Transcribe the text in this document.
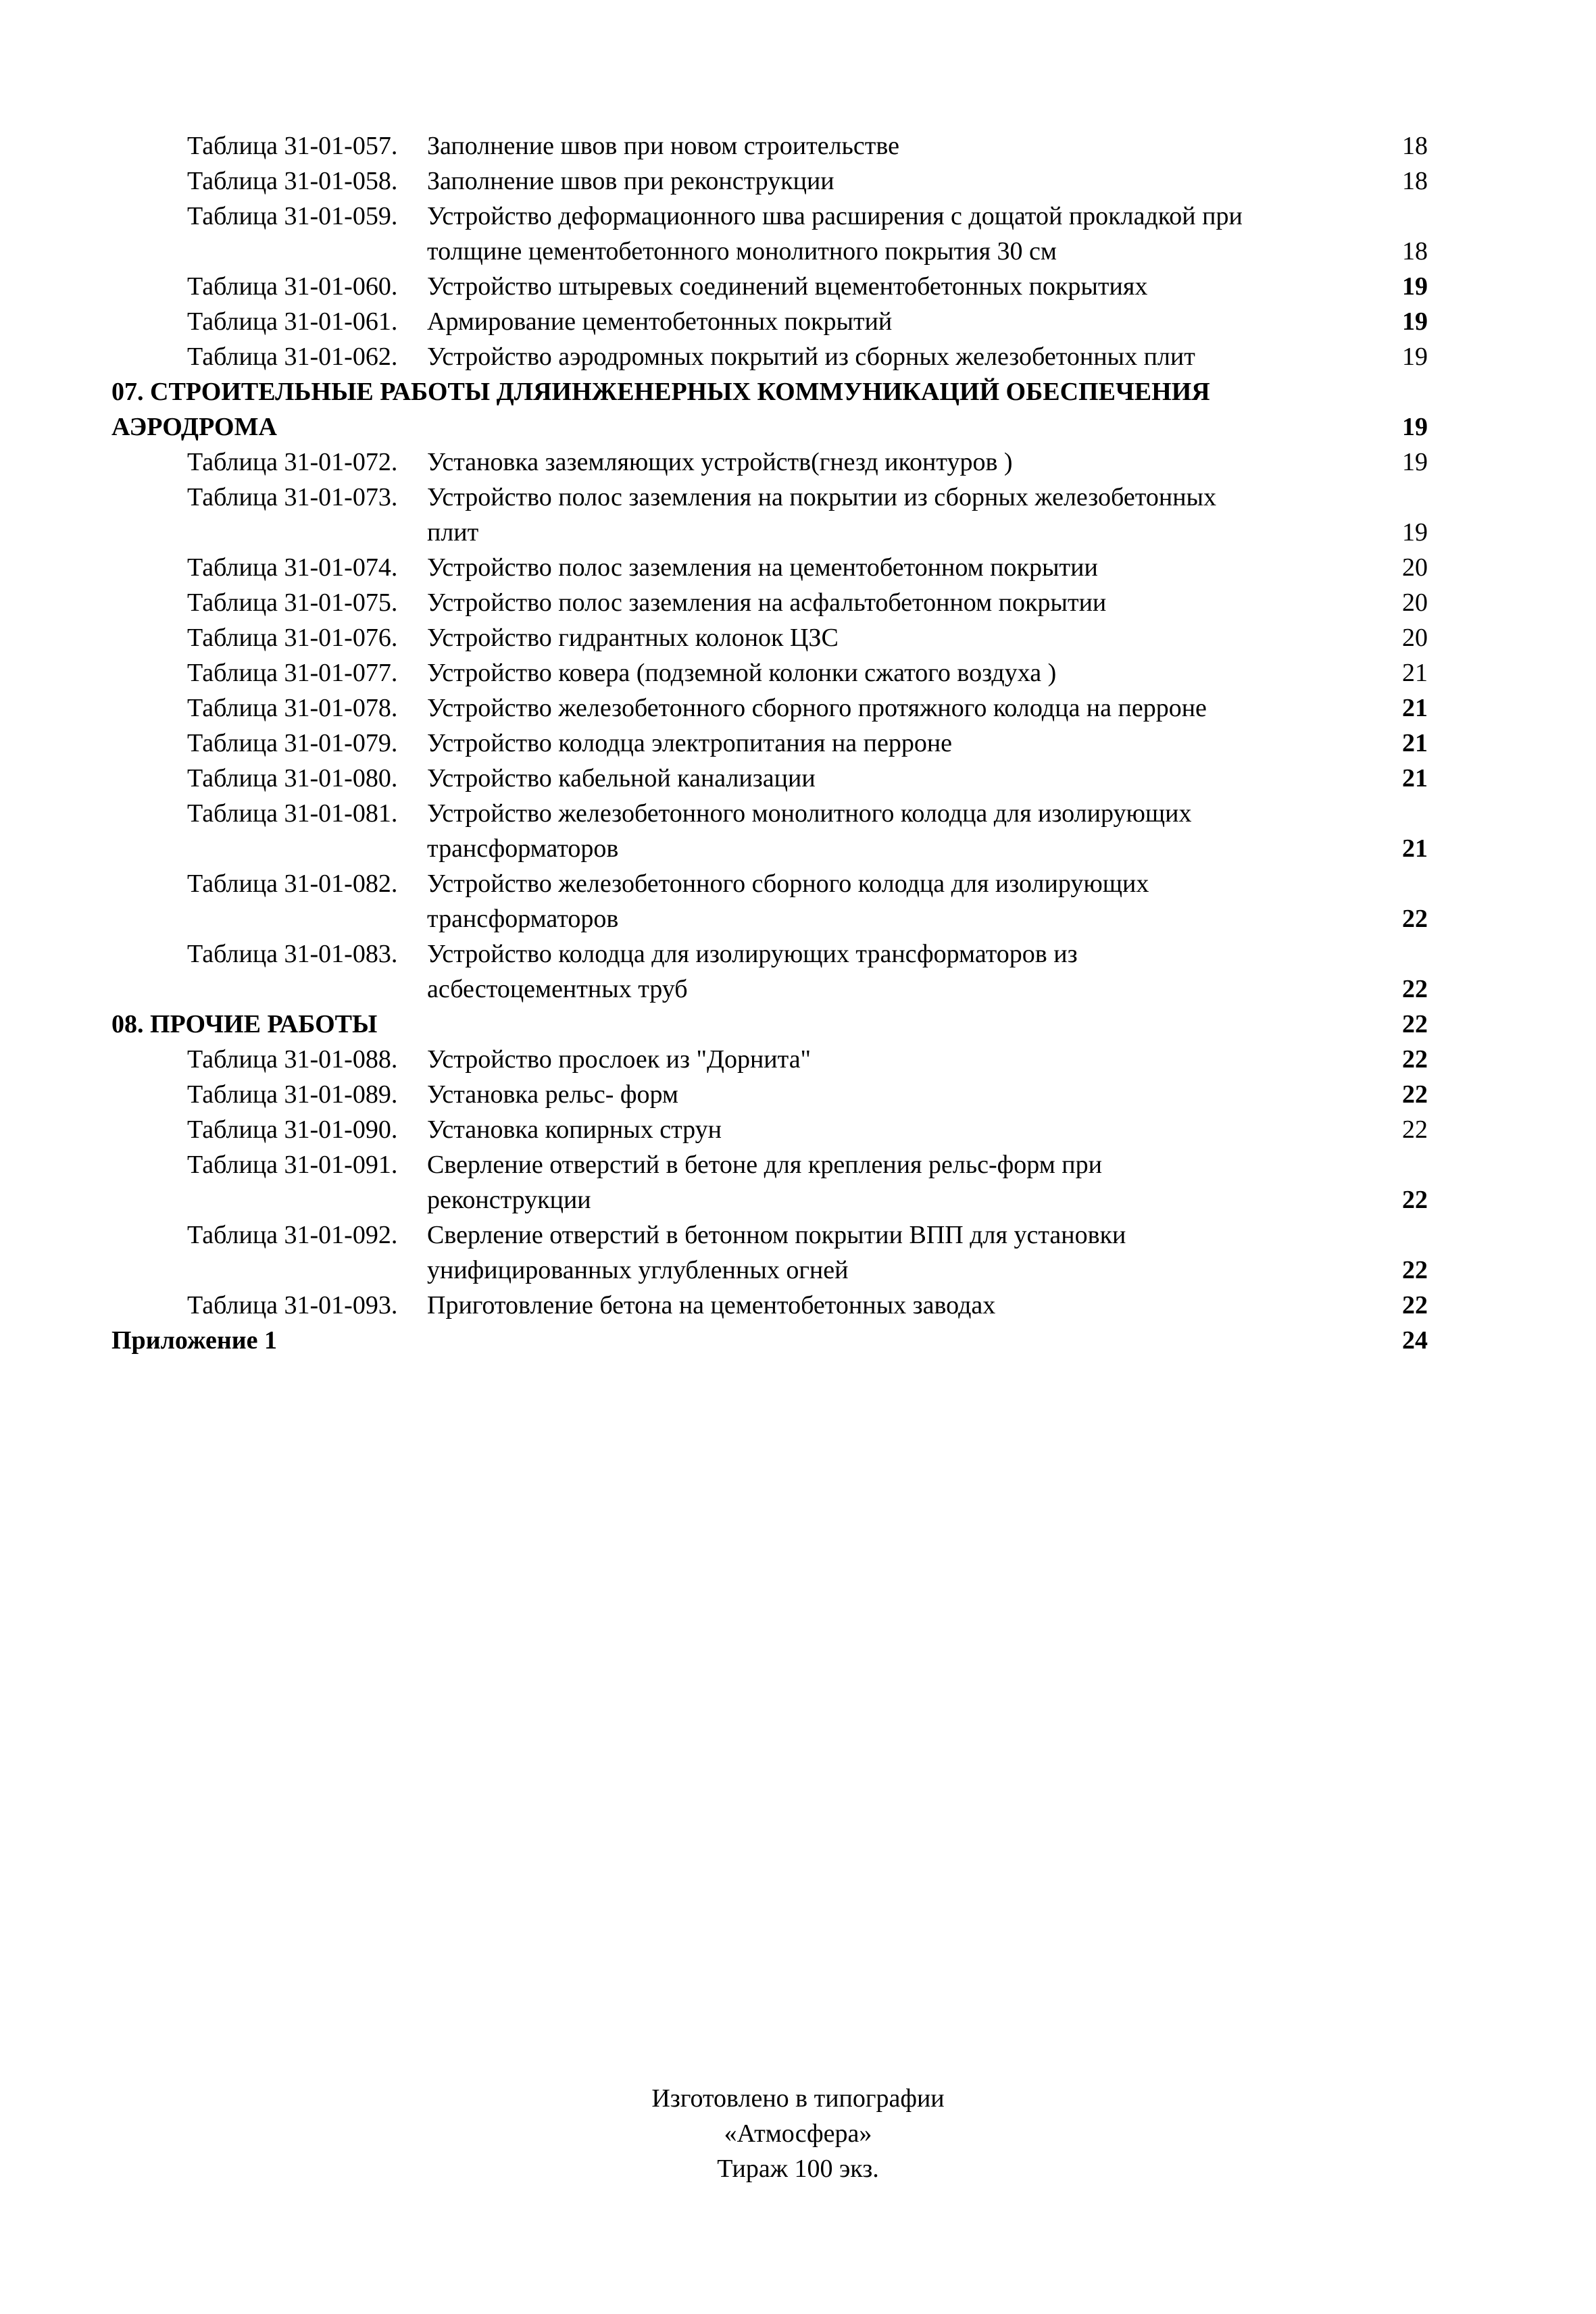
Таблица 31-01-057. Заполнение швов при новом строительстве	18
Таблица 31-01-058. Заполнение швов при реконструкции	18
Таблица 31-01-059. Устройство деформационного шва расширения с дощатой прокладкой при
толщине цементобетонного монолитного покрытия 30 см	18
Таблица 31-01-060. Устройство штыревых соединений вцементобетонных покрытиях	19
Таблица 31-01-061. Армирование цементобетонных покрытий	19
Таблица 31-01-062. Устройство аэродромных покрытий из сборных железобетонных плит	19
07. СТРОИТЕЛЬНЫЕ РАБОТЫ ДЛЯИНЖЕНЕРНЫХ КОММУНИКАЦИЙ ОБЕСПЕЧЕНИЯ
АЭРОДРОМА	19
Таблица 31-01-072. Установка заземляющих устройств(гнезд иконтуров )	19
Таблица 31-01-073. Устройство полос заземления на покрытии из сборных железобетонных
плит	19
Таблица 31-01-074. Устройство полос заземления на цементобетонном покрытии	20
Таблица 31-01-075. Устройство полос заземления на асфальтобетонном покрытии	20
Таблица 31-01-076. Устройство гидрантных колонок ЦЗС	20
Таблица 31-01-077. Устройство ковера (подземной колонки сжатого воздуха )	21
Таблица 31-01-078. Устройство железобетонного сборного протяжного колодца на перроне	21
Таблица 31-01-079. Устройство колодца электропитания на перроне	21
Таблица 31-01-080. Устройство кабельной канализации	21
Таблица 31-01-081. Устройство железобетонного монолитного колодца для изолирующих
трансформаторов	21
Таблица 31-01-082. Устройство железобетонного сборного колодца для изолирующих
трансформаторов	22
Таблица 31-01-083. Устройство колодца для изолирующих трансформаторов из
асбестоцементных труб	22
08. ПРОЧИЕ РАБОТЫ	22
Таблица 31-01-088. Устройство прослоек из "Дорнита"	22
Таблица 31-01-089. Установка рельс- форм	22
Таблица 31-01-090. Установка копирных струн	22
Таблица 31-01-091. Сверление отверстий в бетоне для крепления рельс-форм при
реконструкции	22
Таблица 31-01-092. Сверление отверстий в бетонном покрытии ВПП для установки
унифицированных углубленных огней	22
Таблица 31-01-093. Приготовление бетона на цементобетонных заводах	22
Приложение 1	24
Изготовлено в типографии
«Атмосфера»
Тираж 100 экз.
